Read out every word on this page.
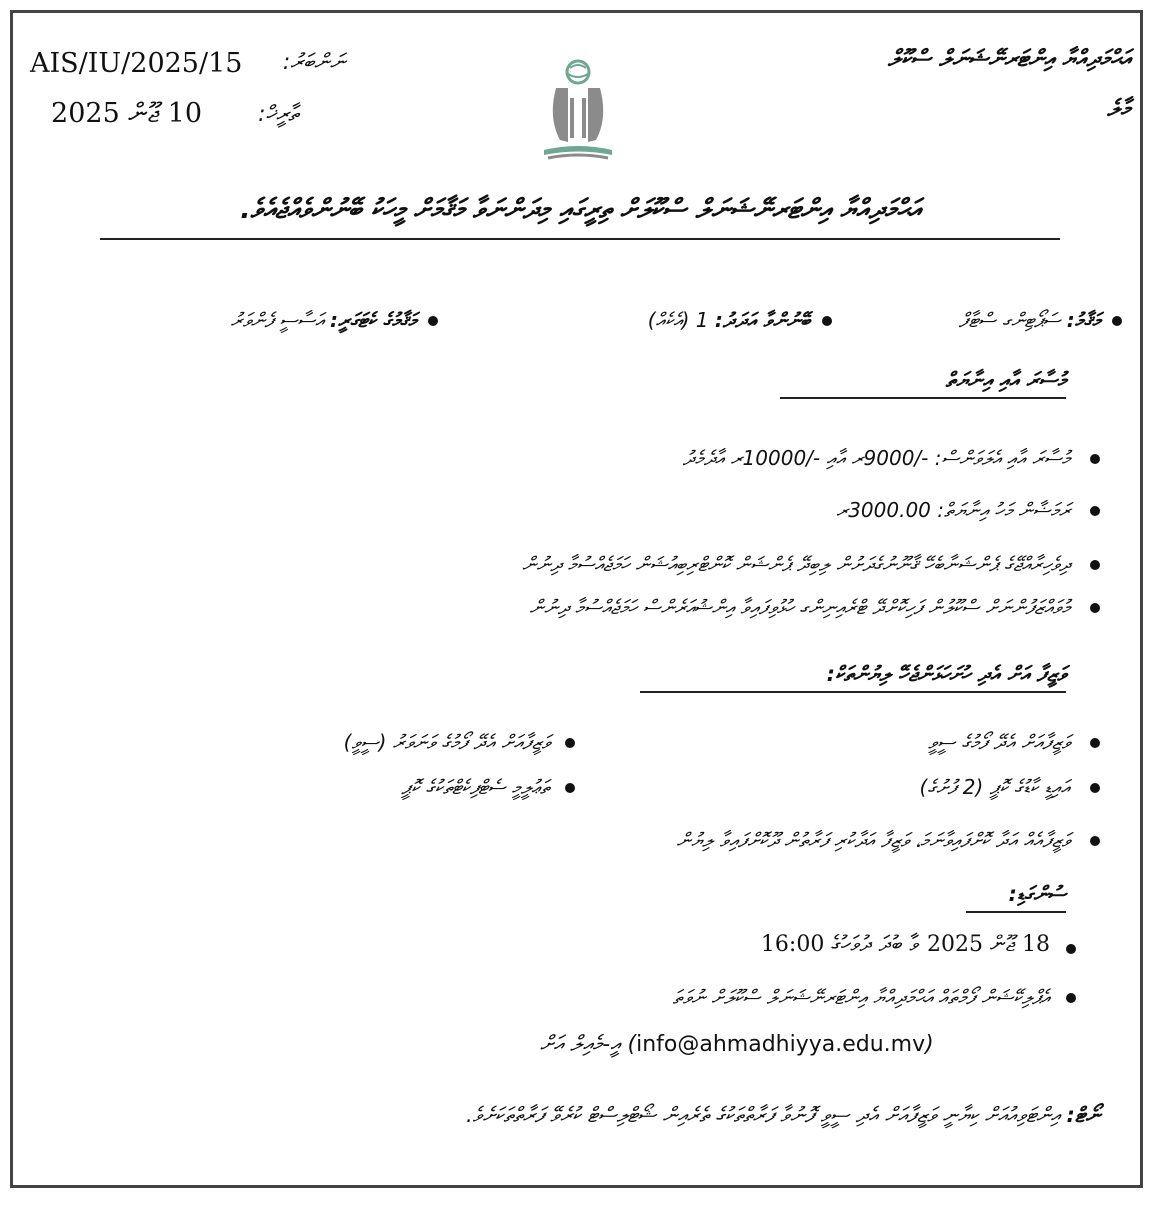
AIS/IU/2025/15	ނަންބަރު:
10 ޖޫން 2025	ތާރީޚް:
އަޙްމަދިއްޔާ އިންޓަރނޭޝަނަލް ސްކޫލް
މާލެ
އަޙްމަދިއްޔާ އިންޓަރނޭޝަނަލް ސްކޫލަށް ތިރީގައި މިދަންނަވާ މަޤާމަށް މީހަކު ބޭނުންވެއްޖެއެވެ.
މަޤާމު: ސަޕޯޓިންގ ސްޓާފް
ބޭނުންވާ އަދަދު: 1 (އެކެއް)
މަޤާމުގެ ކެޓަގަރީ: އަސާސީ ފެންވަރު
މުސާރަ އާއި އިނާޔަތް
މުސާރަ އާއި އެލަވަންސް: -/9000ރ އާއި -/10000ރ އާދެމެދު
ރަމަޟާން މަހު އިނާޔަތް: 3000.00ރ
ދިވެހިރާއްޖޭގެ ޕެންޝަނާބެހޭ ޤާނޫނުގެދަށުން ލިބިދޭ ޕެންޝަން ކޮންޓްރިބިއުޝަން ހަމަޖެއްސުމާ ދިނުން
މުވައްޒަފުންނަށް ސްކޫލުން ފަހިކޮށްދޭ ޓްރެއިނިންގ ހުޅުވިފައިވާ އިންޝުއަރެންސް ހަމަޖެއްސުމާ ދިނުން
ވަޒީފާ އަށް އެދި ހުށަހަޅަންޖެހޭ ލިޔުންތަކް:
ވަޒީފާއަށް އެދޭ ފޯމުގެ ސީވީ
އައިޑީ ކާޑުގެ ކޮޕީ (2 ފުށުގެ)
ވަޒީފާއަށް އެދޭ ފޯމުގެ ވަނަވަރު (ސީވީ)
ތަޢުލީމީ ސެޓްފިކެޓްތަކުގެ ކޮޕީ
ވަޒީފާއެއް އަދާ ކޮށްފައިވާނަމަ، ވަޒީފާ އަދާކުރި ފަރާތުން ދޫކޮށްފައިވާ ލިޔުން
ސުންގަޑި:
18 ޖޫން 2025 ވާ ބުދަ ދުވަހުގެ 16:00
އެޕްލިކޭޝަން ފޯމްތައް އަޙްމަދިއްޔާ އިންޓަރނޭޝަނަލް ސްކޫލަށް ނުވަތަ
އީ-މެއިލް އަށް (info@ahmadhiyya.edu.mv)
ނޯޓް: އިންޓަވިއުއަށް ކިޔާނީ ވަޒީފާއަށް އެދި ސީވީ ފޮނުވާ ފަރާތްތަކުގެ ތެރެއިން ޝޯޓްލިސްޓް ކުރެވޭ ފަރާތްތަކަށެވެ.
